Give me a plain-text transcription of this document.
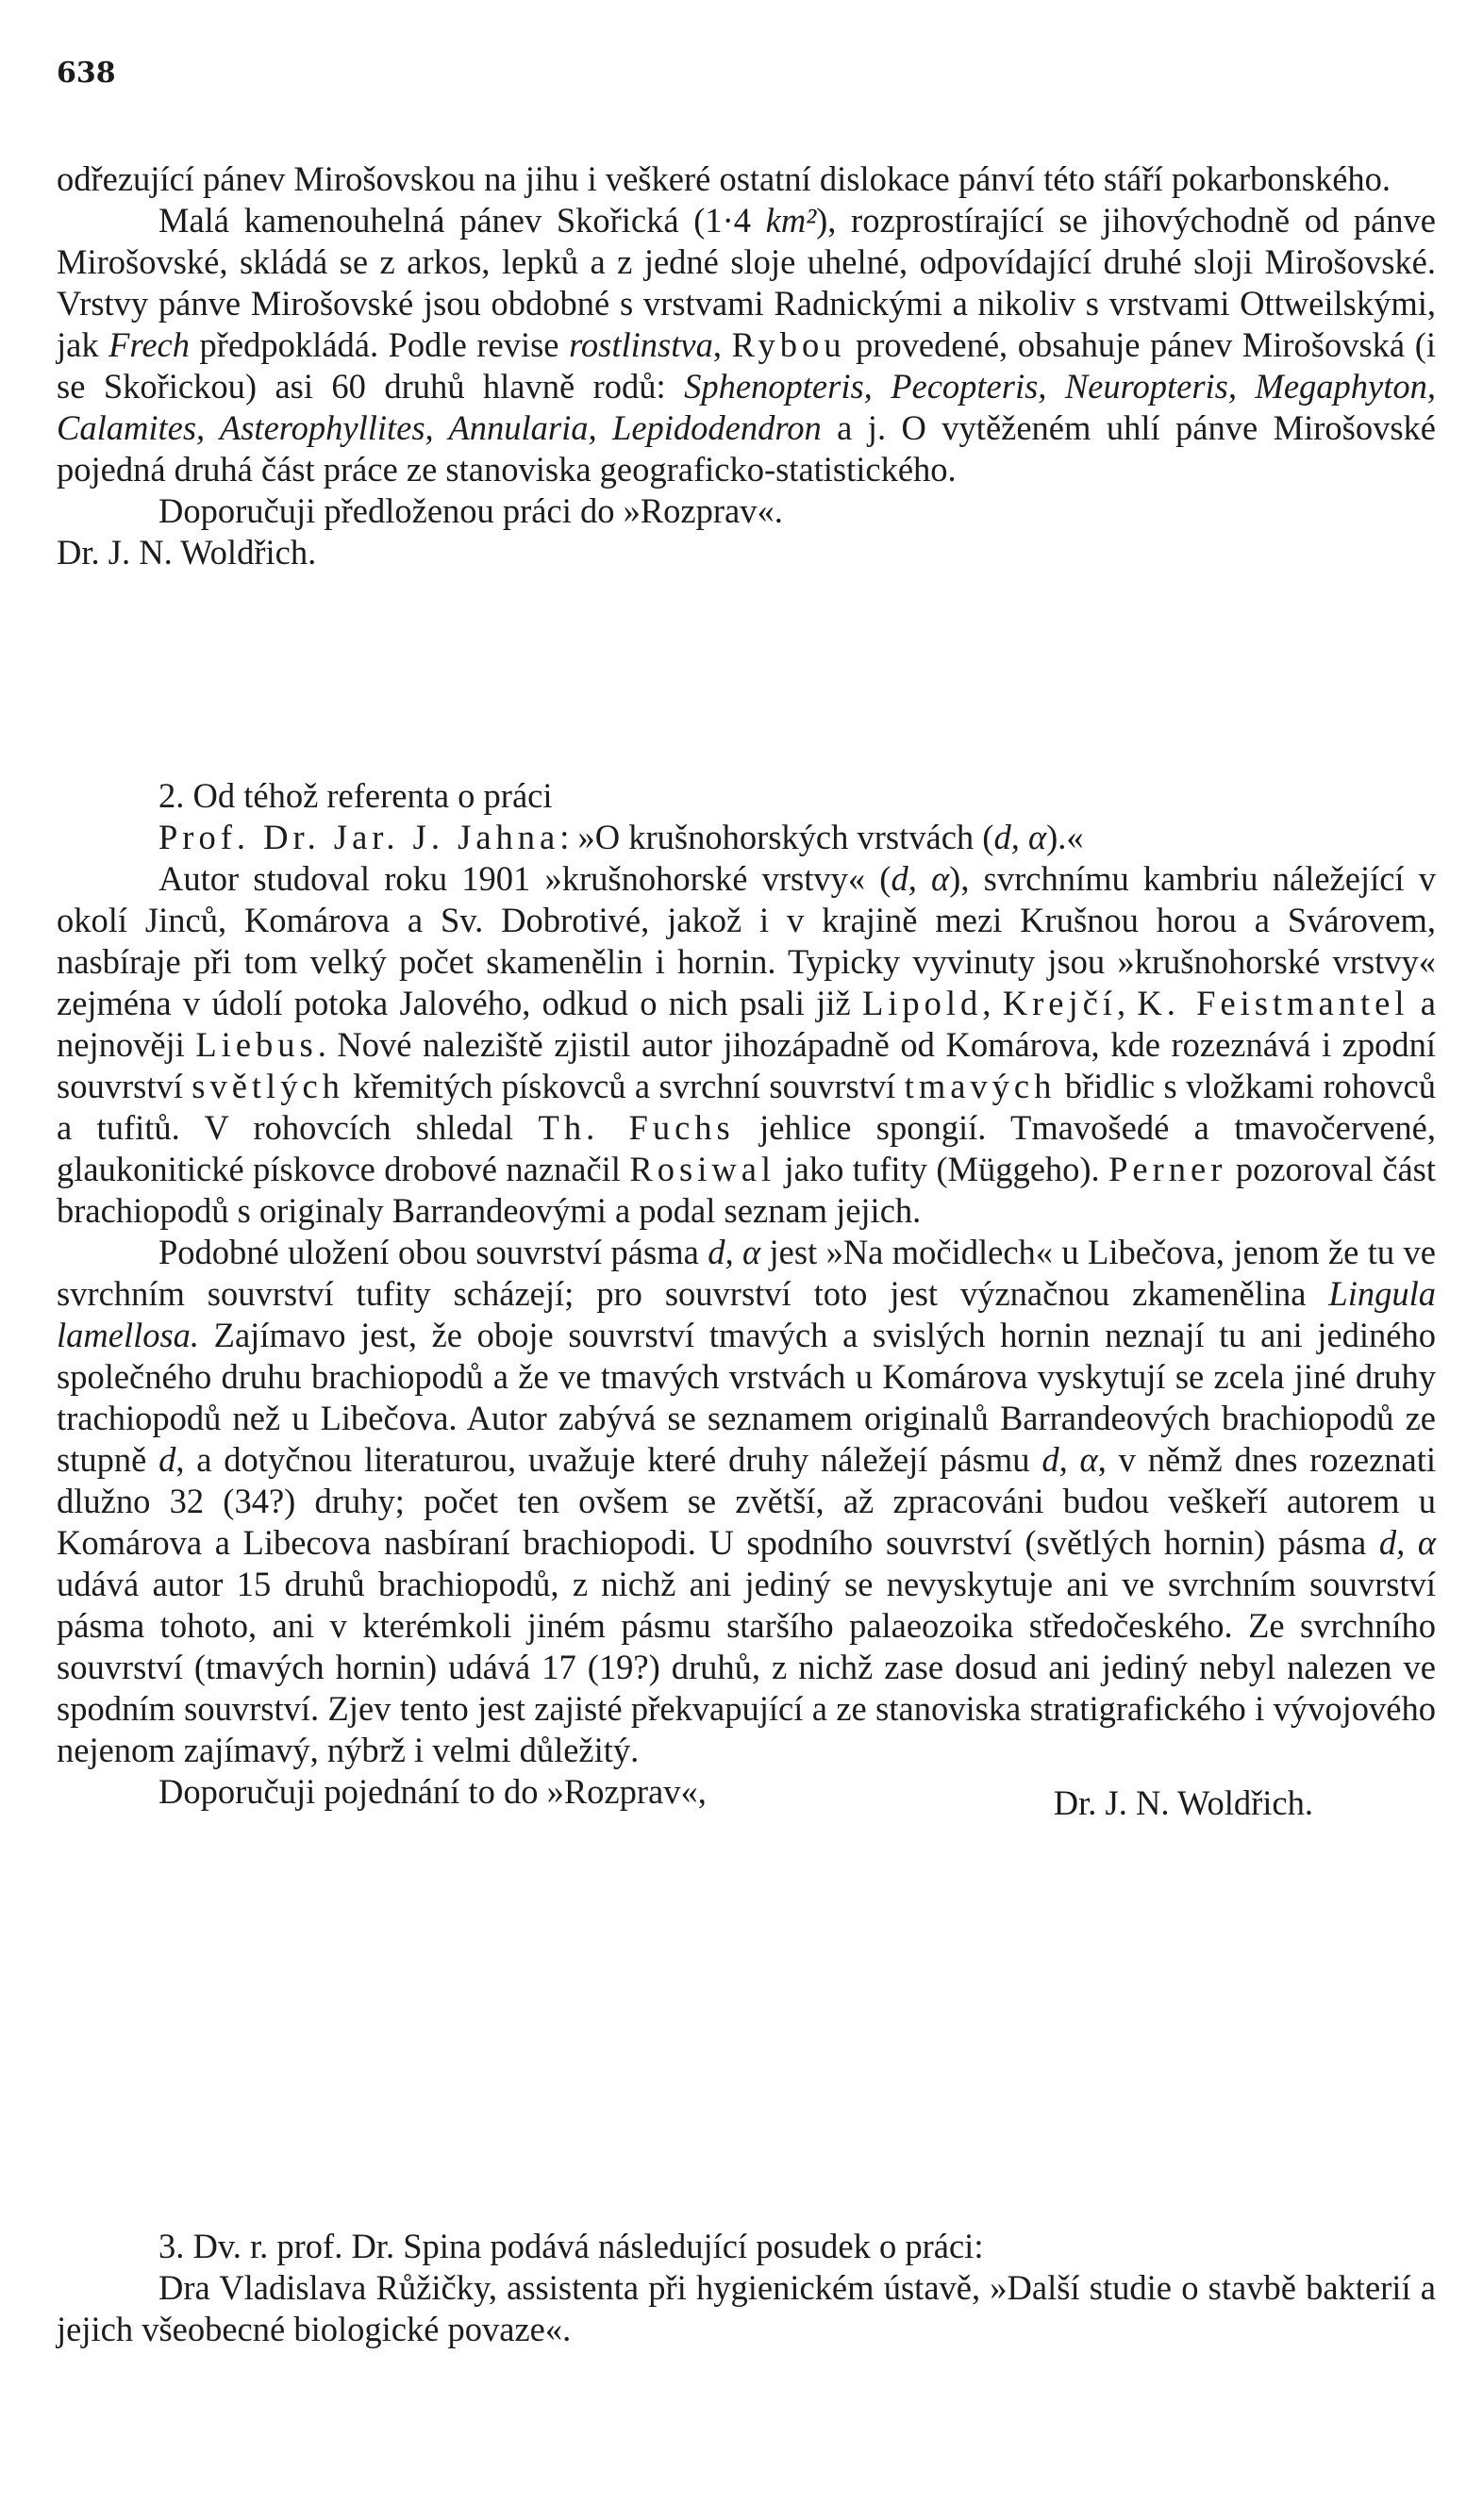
638

odřezující pánev Mirošovskou na jihu i veškeré ostatní dislokace pánví této stáří pokarbonského.

Malá kamenouhelná pánev Skořická (1·4 km²), rozprostírající se jihovýchodně od pánve Mirošovské, skládá se z arkos, lepků a z jedné sloje uhelné, odpovídající druhé sloji Mirošovské. Vrstvy pánve Mirošovské jsou obdobné s vrstvami Radnickými a nikoliv s vrstvami Ottweilskými, jak Frech předpokládá. Podle revise rostlinstva, Rybou provedené, obsahuje pánev Mirošovská (i se Skořickou) asi 60 druhů hlavně rodů: Sphenopteris, Pecopteris, Neuropteris, Megaphyton, Calamites, Asterophyllites, Annularia, Lepidodendron a j. O vytěženém uhlí pánve Mirošovské pojedná druhá část práce ze stanoviska geograficko-statistického.

Doporučuji předloženou práci do »Rozprav«.

Dr. J. N. Woldřich.

2. Od téhož referenta o práci

Prof. Dr. Jar. J. Jahna: »O krušnohorských vrstvách (d, α).«

Autor studoval roku 1901 »krušnohorské vrstvy« (d, α), svrchnímu kambriu náležející v okolí Jinců, Komárova a Sv. Dobrotivé, jakož i v krajině mezi Krušnou horou a Svárovem, nasbíraje při tom velký počet skamenělin i hornin. Typicky vyvinuty jsou »krušnohorské vrstvy« zejména v údolí potoka Jalového, odkud o nich psali již Lipold, Krejčí, K. Feistmantel a nejnověji Liebus. Nové naleziště zjistil autor jihozápadně od Komárova, kde rozeznává i zpodní souvrství světlých křemitých pískovců a svrchní souvrství tmavých břidlic s vložkami rohovců a tufitů. V rohovcích shledal Th. Fuchs jehlice spongií. Tmavošedé a tmavočervené, glaukonitické pískovce drobové naznačil Rosiwal jako tufity (Müggeho). Perner pozoroval část brachiopodů s originaly Barrandeovými a podal seznam jejich.

Podobné uložení obou souvrství pásma d, α jest »Na močidlech« u Libečova, jenom že tu ve svrchním souvrství tufity scházejí; pro souvrství toto jest význačnou zkamenělina Lingula lamellosa. Zajímavo jest, že oboje souvrství tmavých a svislých hornin neznají tu ani jediného společného druhu brachiopodů a že ve tmavých vrstvách u Komárova vyskytují se zcela jiné druhy trachiopodů než u Libečova. Autor zabývá se seznamem originalů Barrandeových brachiopodů ze stupně d, a dotyčnou literaturou, uvažuje které druhy náležejí pásmu d, α, v němž dnes rozeznati dlužno 32 (34?) druhy; počet ten ovšem se zvětší, až zpracováni budou veškeří autorem u Komárova a Libecova nasbíraní brachiopodi. U spodního souvrství (světlých hornin) pásma d, α udává autor 15 druhů brachiopodů, z nichž ani jediný se nevyskytuje ani ve svrchním souvrství pásma tohoto, ani v kterémkoli jiném pásmu staršího palaeozoika středočeského. Ze svrchního souvrství (tmavých hornin) udává 17 (19?) druhů, z nichž zase dosud ani jediný nebyl nalezen ve spodním souvrství. Zjev tento jest zajisté překvapující a ze stanoviska stratigrafického i vývojového nejenom zajímavý, nýbrž i velmi důležitý.

Doporučuji pojednání to do »Rozprav«,	Dr. J. N. Woldřich.

3. Dv. r. prof. Dr. Spina podává následující posudek o práci:

Dra Vladislava Růžičky, assistenta při hygienickém ústavě, »Další studie o stavbě bakterií a jejich všeobecné biologické povaze«.
